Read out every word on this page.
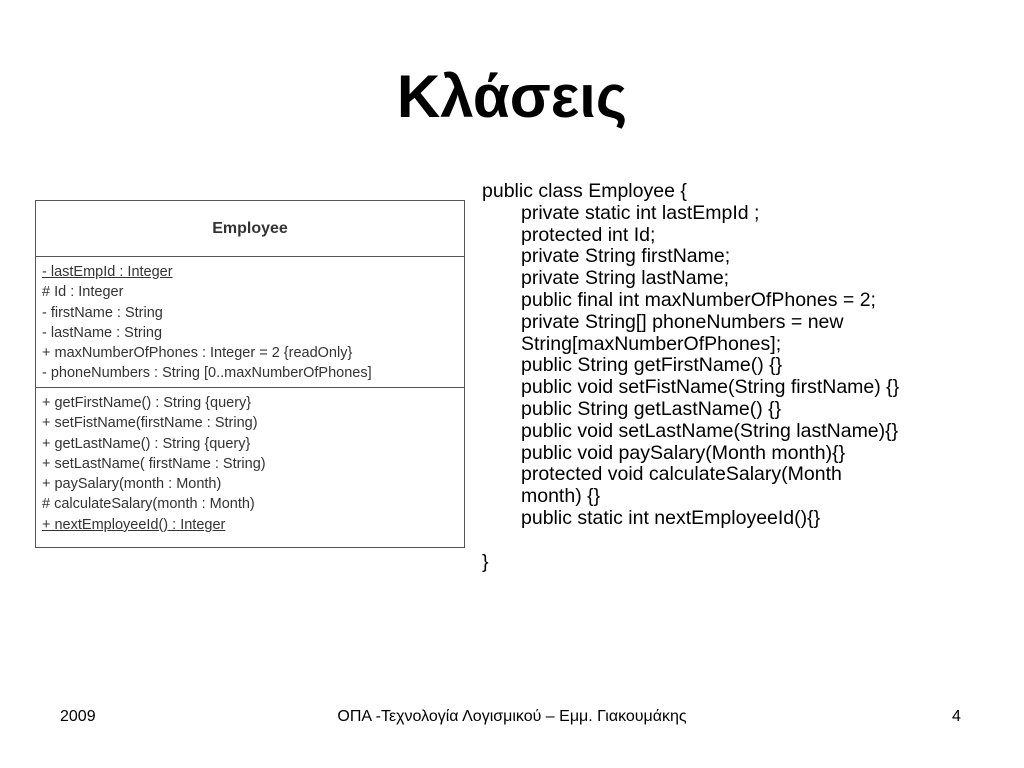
Κλάσεις
Employee
- lastEmpId : Integer
# Id : Integer
- firstName : String
- lastName : String
+ maxNumberOfPhones : Integer = 2 {readOnly}
- phoneNumbers : String [0..maxNumberOfPhones]
+ getFirstName() : String {query}
+ setFistName(firstName : String)
+ getLastName() : String {query}
+ setLastName( firstName : String)
+ paySalary(month : Month)
# calculateSalary(month : Month)
+ nextEmployeeId() : Integer
public class Employee {
private static int lastEmpId ;
protected int Id;
private String firstName;
private String lastName;
public final int maxNumberOfPhones = 2;
private String[] phoneNumbers = new
String[maxNumberOfPhones];
public String getFirstName() {}
public void setFistName(String firstName) {}
public String getLastName() {}
public void setLastName(String lastName){}
public void paySalary(Month month){}
protected void calculateSalary(Month
month) {}
public static int nextEmployeeId(){}
}
2009	ΟΠΑ -Τεχνολογία Λογισμικού – Εμμ. Γιακουμάκης	4
